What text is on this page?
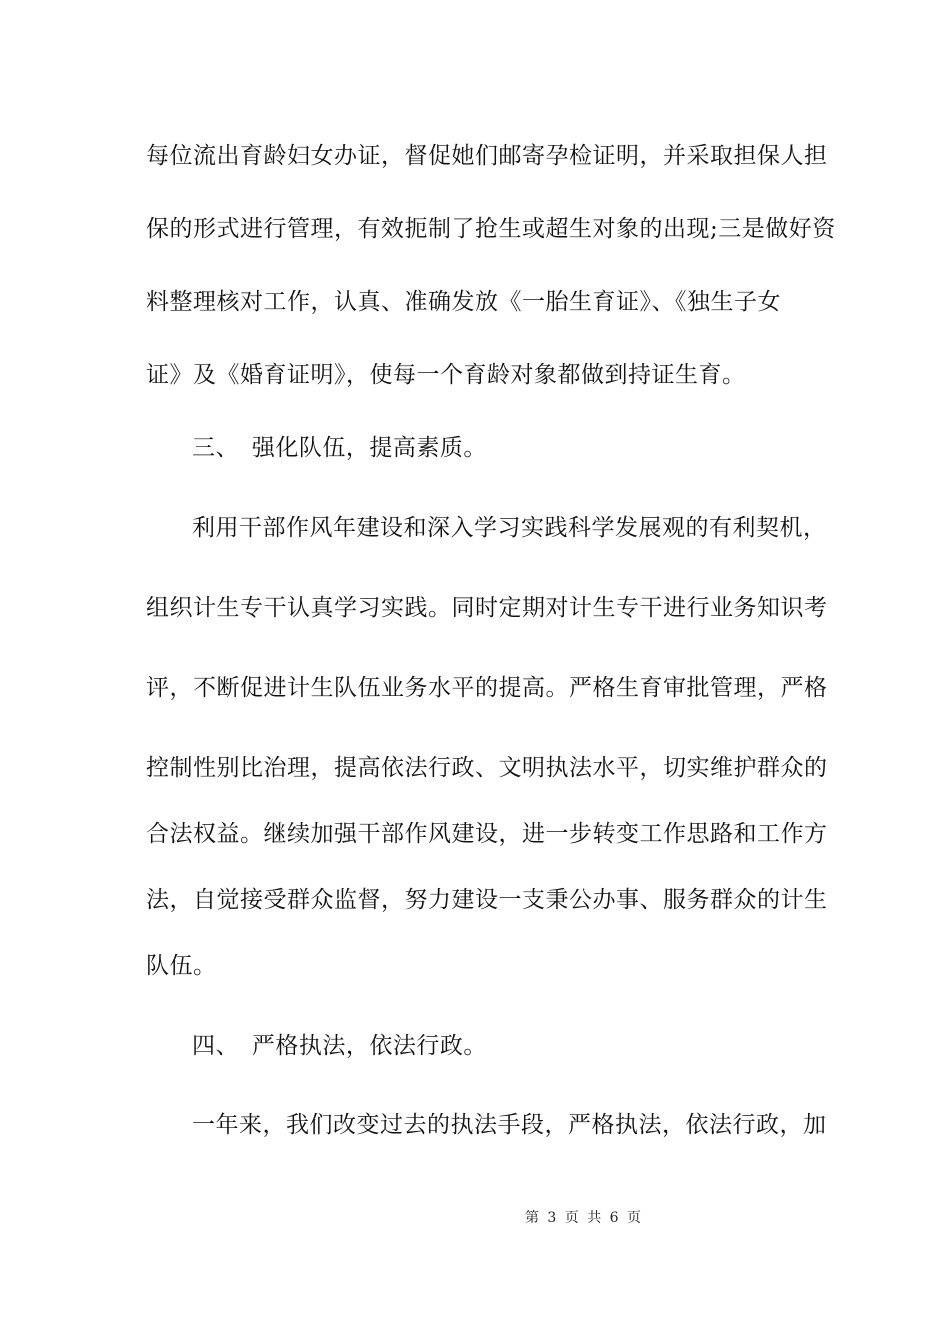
每位流出育龄妇女办证，督促她们邮寄孕检证明，并采取担保人担
保的形式进行管理，有效扼制了抢生或超生对象的出现;三是做好资
料整理核对工作，认真、准确发放《一胎生育证》、《独生子女
证》及《婚育证明》，使每一个育龄对象都做到持证生育。
三、 强化队伍，提高素质。
利用干部作风年建设和深入学习实践科学发展观的有利契机，
组织计生专干认真学习实践。同时定期对计生专干进行业务知识考
评，不断促进计生队伍业务水平的提高。严格生育审批管理，严格
控制性别比治理，提高依法行政、文明执法水平，切实维护群众的
合法权益。继续加强干部作风建设，进一步转变工作思路和工作方
法，自觉接受群众监督，努力建设一支秉公办事、服务群众的计生
队伍。
四、 严格执法，依法行政。
一年来，我们改变过去的执法手段，严格执法，依法行政，加
第 3 页 共 6 页
